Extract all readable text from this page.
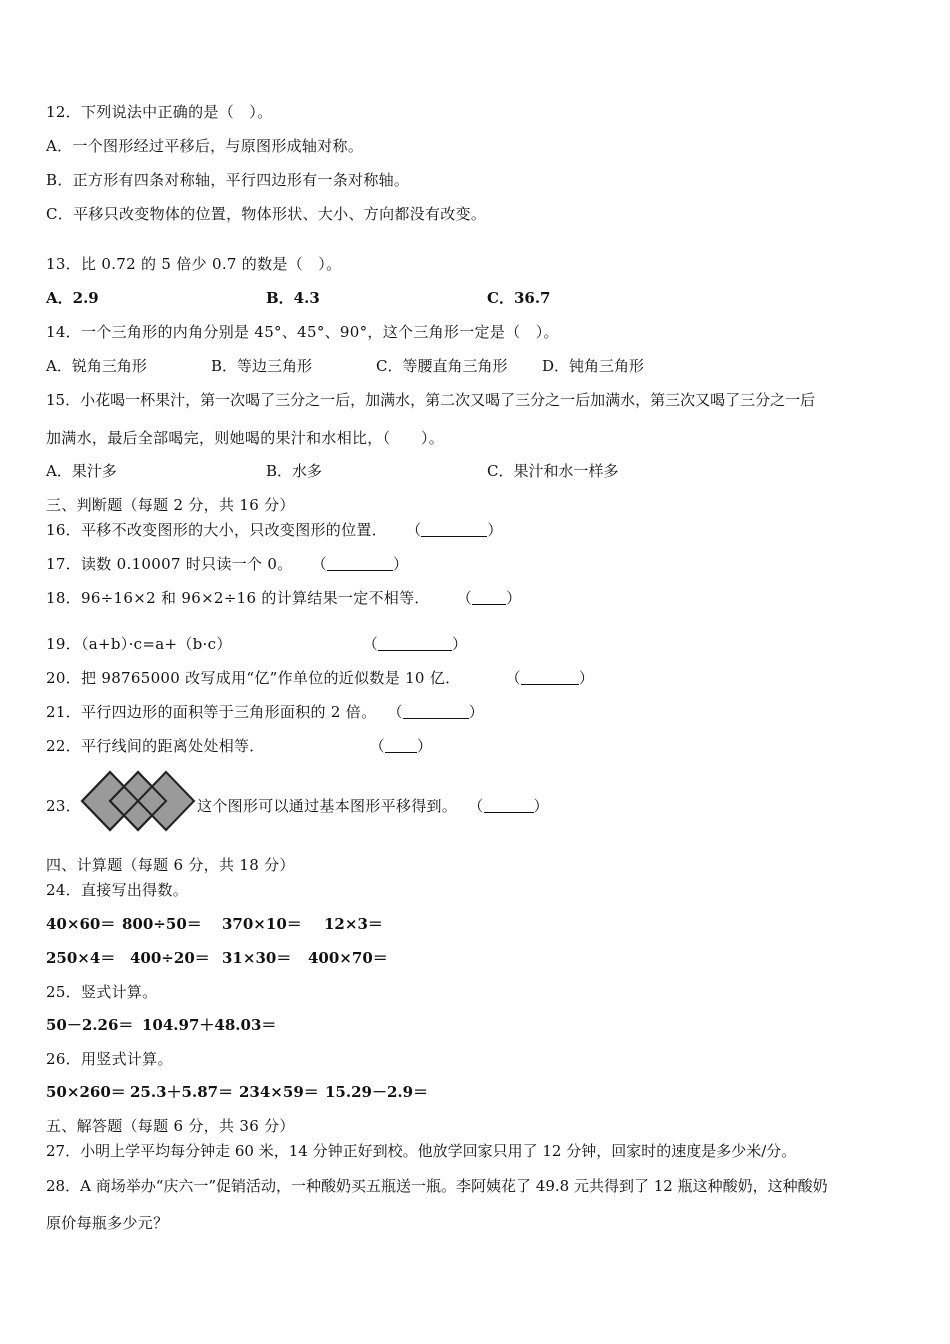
12．下列说法中正确的是（　）。
A．一个图形经过平移后，与原图形成轴对称。
B．正方形有四条对称轴，平行四边形有一条对称轴。
C．平移只改变物体的位置，物体形状、大小、方向都没有改变。
13．比 0.72 的 5 倍少 0.7 的数是（　）。
A．2.9	B．4.3	C．36.7
14．一个三角形的内角分别是 45°、45°、90°，这个三角形一定是（　）。
A．锐角三角形	B．等边三角形	C．等腰直角三角形 D．钝角三角形
15．小花喝一杯果汁，第一次喝了三分之一后，加满水，第二次又喝了三分之一后加满水，第三次又喝了三分之一后
加满水，最后全部喝完，则她喝的果汁和水相比，（　　）。
A．果汁多	B．水多	C．果汁和水一样多
三、判断题（每题 2 分，共 16 分）
16．平移不改变图形的大小，只改变图形的位置． （	）
17．读数 0.10007 时只读一个 0。 （	）
18．96÷16×2 和 96×2÷16 的计算结果一定不相等． （ ）
19．（a+b）·c=a+（b·c）	（	）
20．把 98765000 改写成用“亿”作单位的近似数是 10 亿．	（	）
21．平行四边形的面积等于三角形面积的 2 倍。 （	）
22．平行线间的距离处处相等．	（ ）
23．	这个图形可以通过基本图形平移得到。 （	）
四、计算题（每题 6 分，共 18 分）
24．直接写出得数。
40×60＝ 800÷50＝ 370×10＝ 12×3＝
250×4＝ 400÷20＝ 31×30＝ 400×70＝
25．竖式计算。
50－2.26＝ 104.97＋48.03＝
26．用竖式计算。
50×260＝ 25.3＋5.87＝ 234×59＝ 15.29－2.9＝
五、解答题（每题 6 分，共 36 分）
27．小明上学平均每分钟走 60 米，14 分钟正好到校。他放学回家只用了 12 分钟，回家时的速度是多少米/分。
28．A 商场举办“庆六一”促销活动，一种酸奶买五瓶送一瓶。李阿姨花了 49.8 元共得到了 12 瓶这种酸奶，这种酸奶
原价每瓶多少元？
